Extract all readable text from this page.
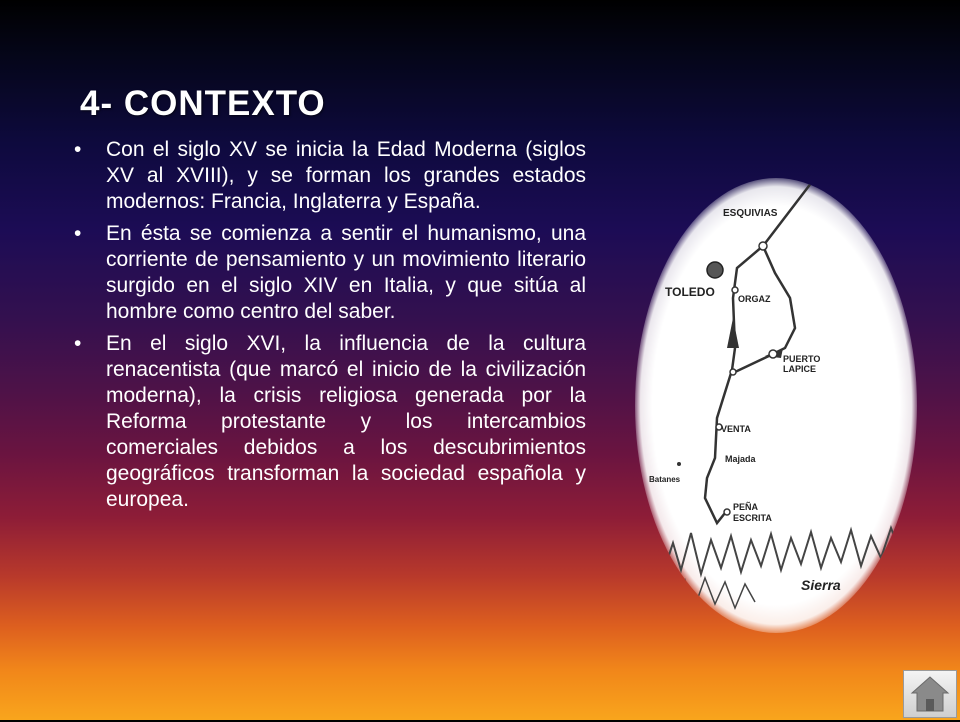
4- CONTEXTO
• Con el siglo XV se inicia la Edad Moderna (siglos XV al XVIII), y se forman los grandes estados modernos: Francia, Inglaterra y España.
• En ésta se comienza a sentir el humanismo, una corriente de pensamiento y un movimiento literario surgido en el siglo XIV en Italia, y que sitúa al hombre como centro del saber.
• En el siglo XVI, la influencia de la cultura renacentista (que marcó el inicio de la civilización moderna), la crisis religiosa generada por la Reforma protestante y los intercambios comerciales debidos a los descubrimientos geográficos transforman la sociedad española y europea.
ESQUIVIAS
TOLEDO	ORGAZ
PUERTO
LAPICE
VENTA
Majada
Batanes
PEÑA
ESCRITA
Sierra
